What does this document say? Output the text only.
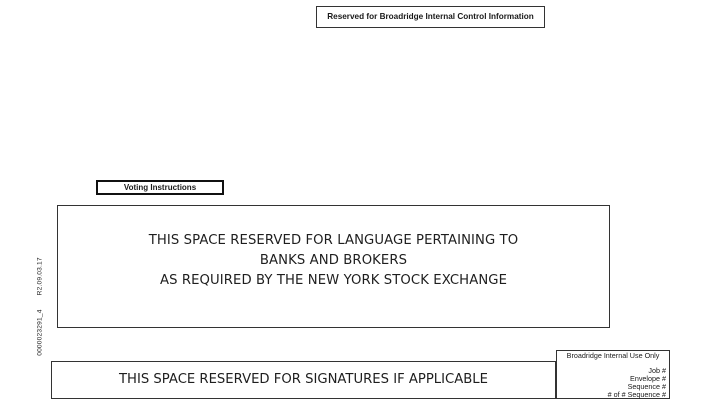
Reserved for Broadridge Internal Control Information
Voting Instructions
THIS SPACE RESERVED FOR LANGUAGE PERTAINING TO
BANKS AND BROKERS
AS REQUIRED BY THE NEW YORK STOCK EXCHANGE
THIS SPACE RESERVED FOR SIGNATURES IF APPLICABLE
Broadridge Internal Use Only
Job #
Envelope #
Sequence #
# of # Sequence #
0000023291_4 R2.09.03.17
